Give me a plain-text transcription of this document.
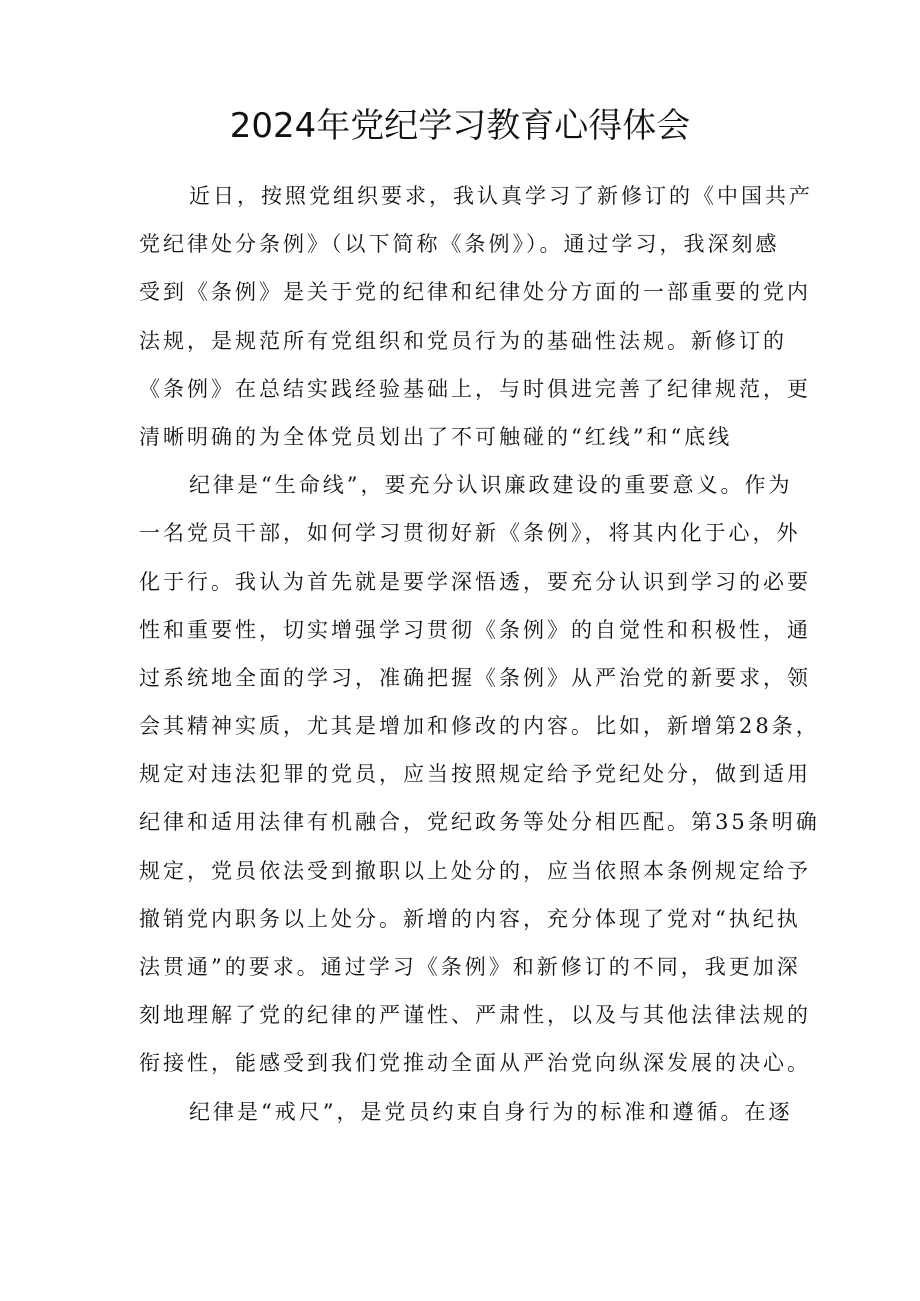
2024年党纪学习教育心得体会
近日，按照党组织要求，我认真学习了新修订的《中国共产
党纪律处分条例》（以下简称《条例》）。通过学习，我深刻感
受到《条例》是关于党的纪律和纪律处分方面的一部重要的党内
法规，是规范所有党组织和党员行为的基础性法规。新修订的
《条例》在总结实践经验基础上，与时俱进完善了纪律规范，更
清晰明确的为全体党员划出了不可触碰的“红线”和“底线
纪律是“生命线”，要充分认识廉政建设的重要意义。作为
一名党员干部，如何学习贯彻好新《条例》，将其内化于心，外
化于行。我认为首先就是要学深悟透，要充分认识到学习的必要
性和重要性，切实增强学习贯彻《条例》的自觉性和积极性，通
过系统地全面的学习，准确把握《条例》从严治党的新要求，领
会其精神实质，尤其是增加和修改的内容。比如，新增第28条，
规定对违法犯罪的党员，应当按照规定给予党纪处分，做到适用
纪律和适用法律有机融合，党纪政务等处分相匹配。第35条明确
规定，党员依法受到撤职以上处分的，应当依照本条例规定给予
撤销党内职务以上处分。新增的内容，充分体现了党对“执纪执
法贯通”的要求。通过学习《条例》和新修订的不同，我更加深
刻地理解了党的纪律的严谨性、严肃性，以及与其他法律法规的
衔接性，能感受到我们党推动全面从严治党向纵深发展的决心。
纪律是“戒尺”，是党员约束自身行为的标准和遵循。在逐
